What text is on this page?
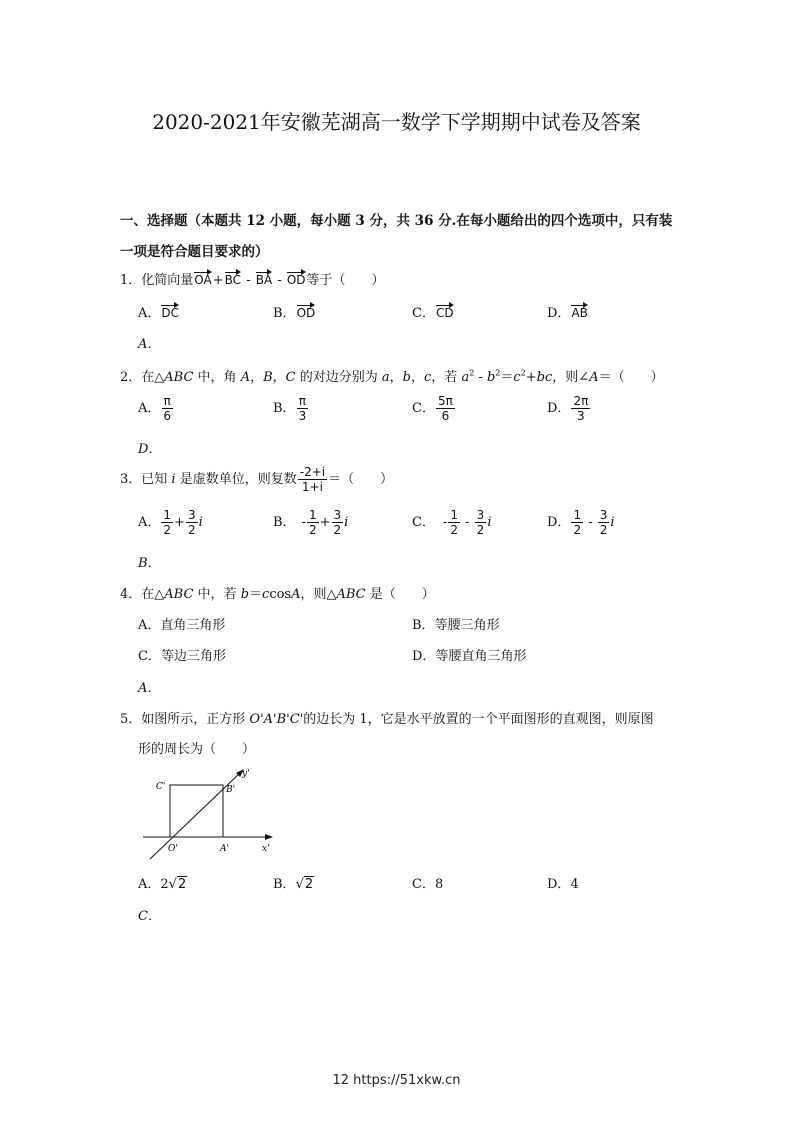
2020-2021年安徽芜湖高一数学下学期期中试卷及答案
一、选择题（本题共 12 小题，每小题 3 分，共 36 分.在每小题给出的四个选项中，只有装
一项是符合题目要求的）
1．化简向量OA+BC - BA - OD等于（　　）
A．DC	B．OD	C．CD	D．AB
A．
2．在△ABC 中，角 A，B，C 的对边分别为 a，b，c，若 $a^2 - b^2=c^2+bc$，则∠A＝（　　）
A． $\frac{\pi}{6}$	B． $\frac{\pi}{3}$	C． $\frac{5\pi}{6}$	D． $\frac{2\pi}{3}$
D．
3．已知 i 是虚数单位，则复数 $\frac{-2+i}{1+i}$ ＝（　　）
A． $\frac{1}{2} + \frac{3}{2}$ i	B． - $\frac{1}{2} + \frac{3}{2}$ i	C． - $\frac{1}{2} - \frac{3}{2}$ i	D． $\frac{1}{2} - \frac{3}{2}$ i
B．
4．在△ABC 中，若 b＝ccosA，则△ABC 是（　　）
A．直角三角形	B．等腰三角形
C．等边三角形	D．等腰直角三角形
A．
5．如图所示，正方形 O'A'B'C'的边长为 1，它是水平放置的一个平面图形的直观图，则原图
形的周长为（　　）
C'	B'
y'
O'	A'	x'
A．2√2	B．√2	C．8	D．4
C．
12 https://51xkw.cn
